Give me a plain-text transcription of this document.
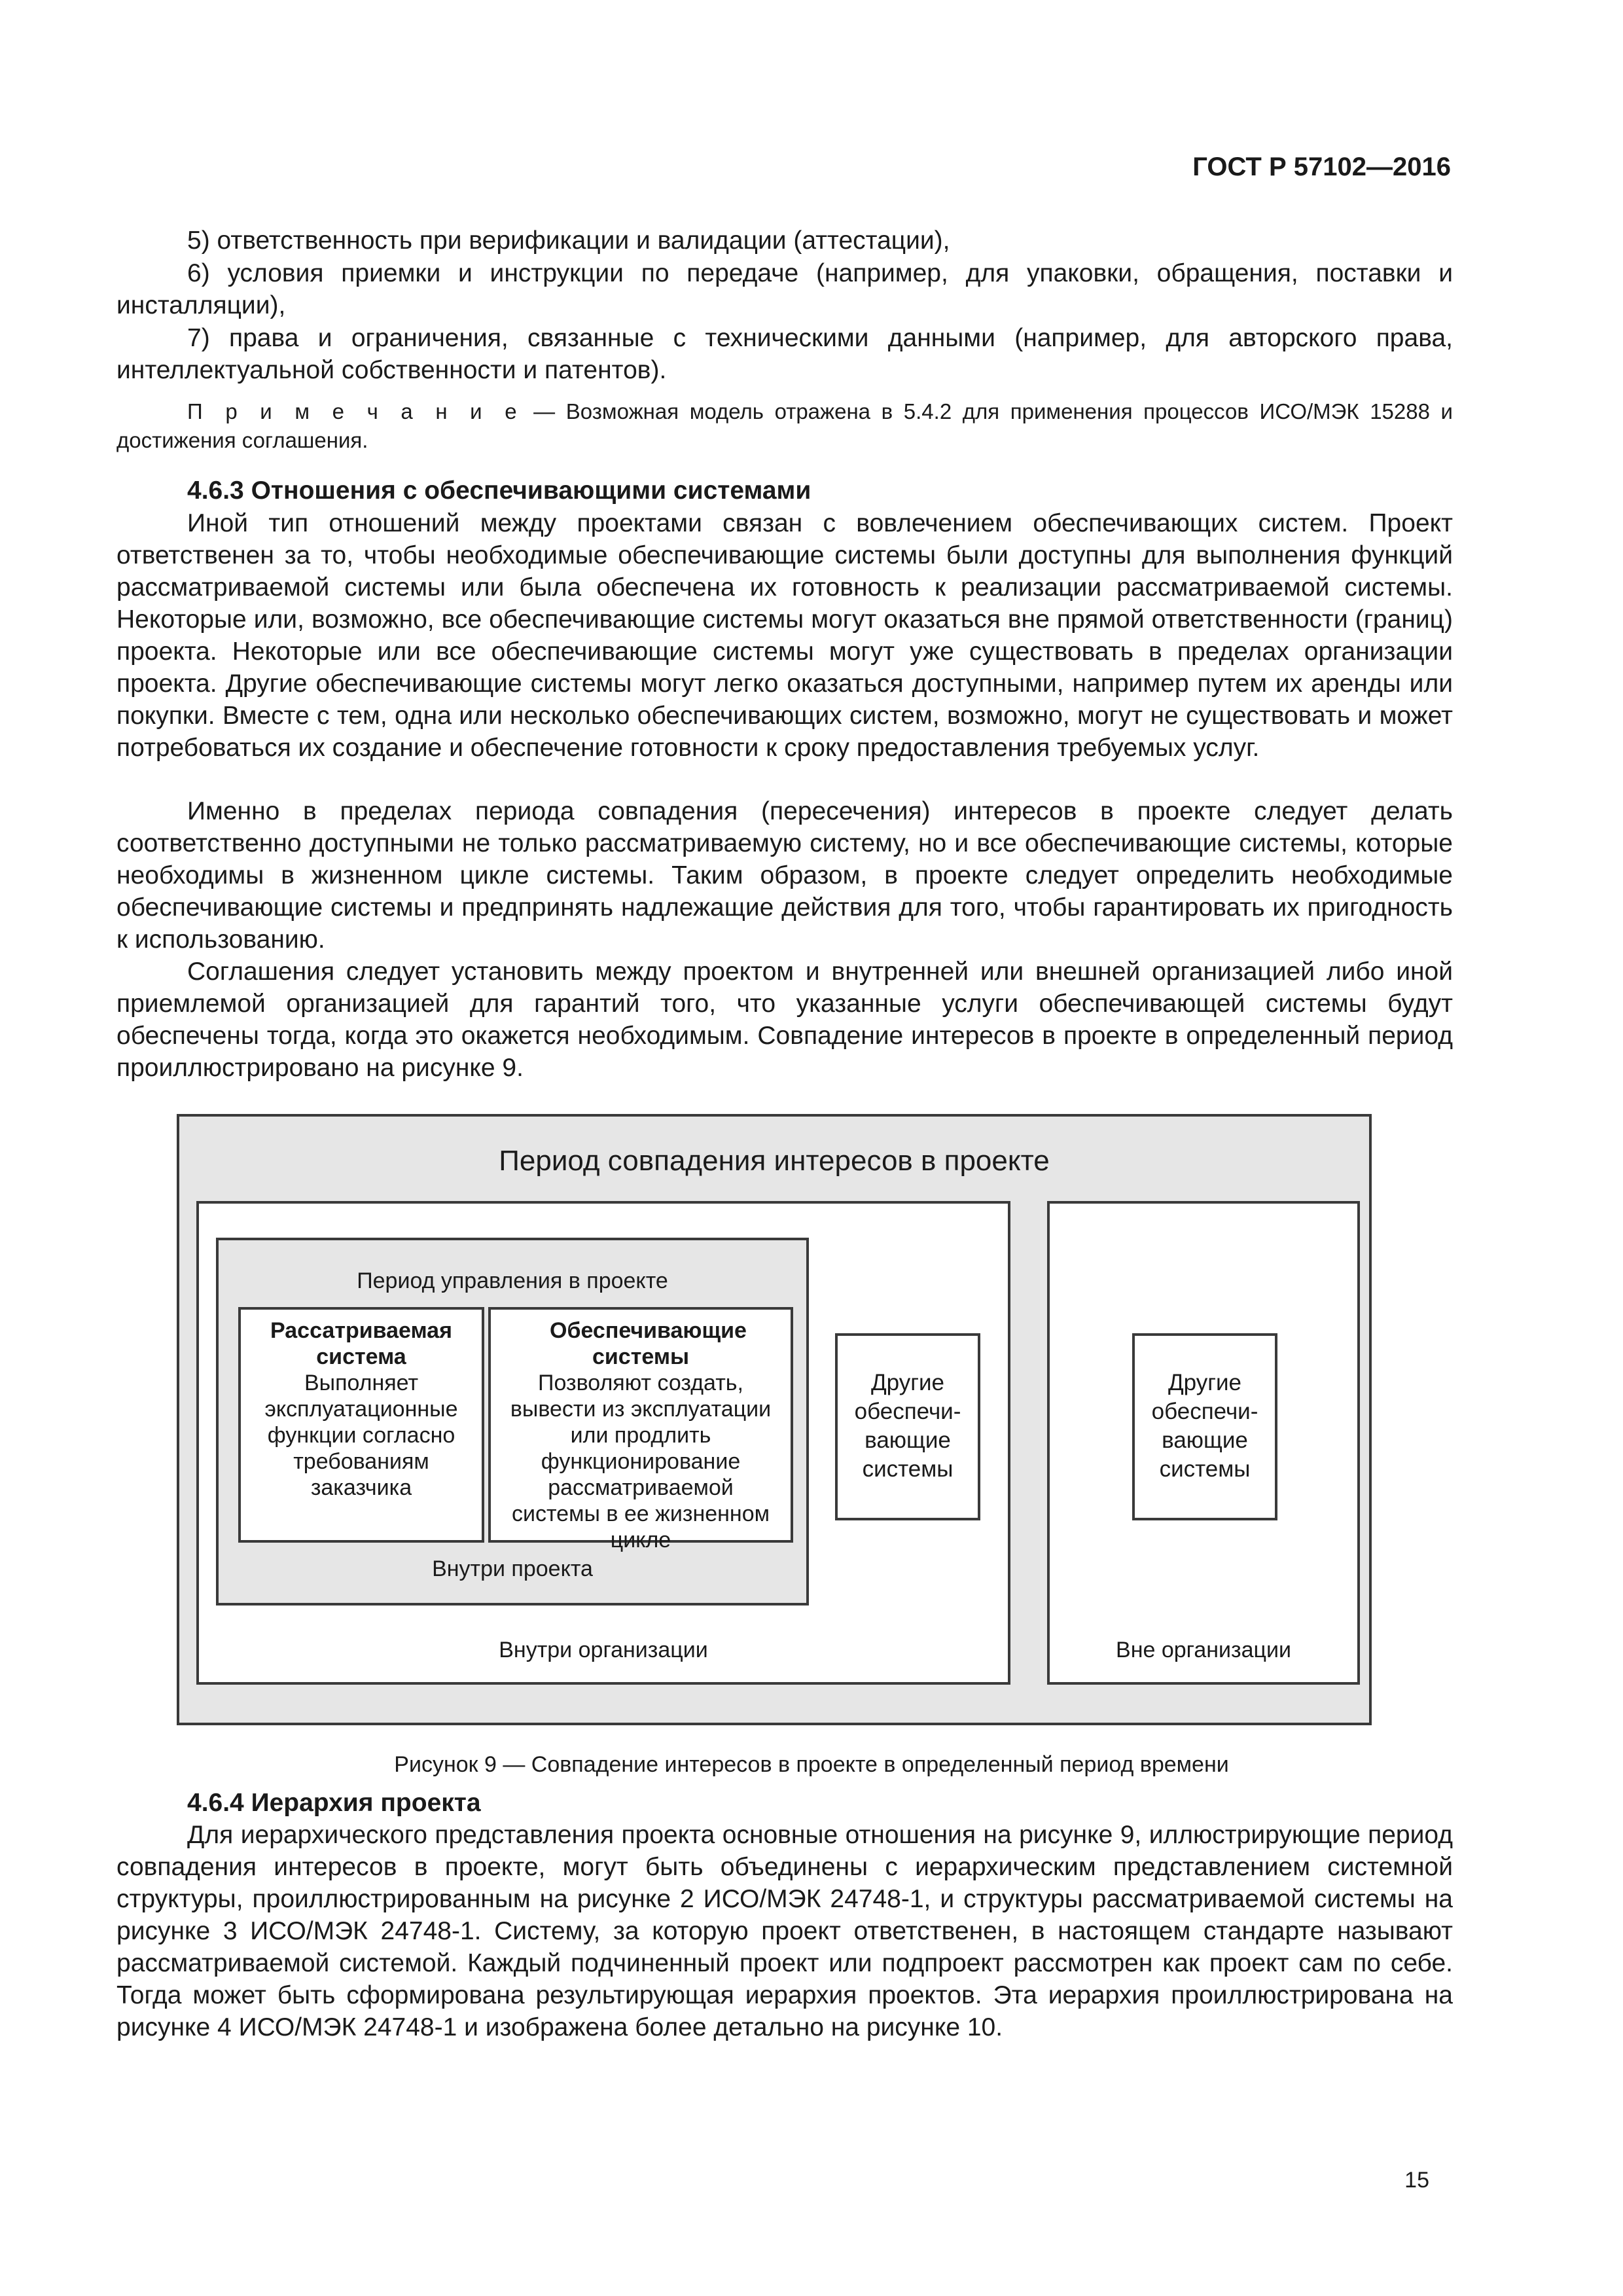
ГОСТ Р 57102—2016

5) ответственность при верификации и валидации (аттестации),

6) условия приемки и инструкции по передаче (например, для упаковки, обращения, поставки и инсталляции),

7) права и ограничения, связанные с техническими данными (например, для авторского права, интеллектуальной собственности и патентов).

П р и м е ч а н и е — Возможная модель отражена в 5.4.2 для применения процессов ИСО/МЭК 15288 и достижения соглашения.

4.6.3 Отношения с обеспечивающими системами

Иной тип отношений между проектами связан с вовлечением обеспечивающих систем. Проект ответственен за то, чтобы необходимые обеспечивающие системы были доступны для выполнения функций рассматриваемой системы или была обеспечена их готовность к реализации рассматриваемой системы. Некоторые или, возможно, все обеспечивающие системы могут оказаться вне прямой ответственности (границ) проекта. Некоторые или все обеспечивающие системы могут уже существовать в пределах организации проекта. Другие обеспечивающие системы могут легко оказаться доступными, например путем их аренды или покупки. Вместе с тем, одна или несколько обеспечивающих систем, возможно, могут не существовать и может потребоваться их создание и обеспечение готовности к сроку предоставления требуемых услуг.

Именно в пределах периода совпадения (пересечения) интересов в проекте следует делать соответственно доступными не только рассматриваемую систему, но и все обеспечивающие системы, которые необходимы в жизненном цикле системы. Таким образом, в проекте следует определить необходимые обеспечивающие системы и предпринять надлежащие действия для того, чтобы гарантировать их пригодность к использованию.

Соглашения следует установить между проектом и внутренней или внешней организацией либо иной приемлемой организацией для гарантий того, что указанные услуги обеспечивающей системы будут обеспечены тогда, когда это окажется необходимым. Совпадение интересов в проекте в определенный период проиллюстрировано на рисунке 9.

Период совпадения интересов в проекте
Период управления в проекте
Рассатриваемая система
Выполняет эксплуатационные функции согласно требованиям заказчика
Обеспечивающие системы
Позволяют создать, вывести из эксплуатации или продлить функционирование рассматриваемой системы в ее жизненном цикле
Внутри проекта
Другие обеспечи-вающие системы
Внутри организации
Другие обеспечи-вающие системы
Вне организации
Рисунок 9 — Совпадение интересов в проекте в определенный период времени

4.6.4 Иерархия проекта

Для иерархического представления проекта основные отношения на рисунке 9, иллюстрирующие период совпадения интересов в проекте, могут быть объединены с иерархическим представлением системной структуры, проиллюстрированным на рисунке 2 ИСО/МЭК 24748-1, и структуры рассматриваемой системы на рисунке 3 ИСО/МЭК 24748-1. Систему, за которую проект ответственен, в настоящем стандарте называют рассматриваемой системой. Каждый подчиненный проект или подпроект рассмотрен как проект сам по себе. Тогда может быть сформирована результирующая иерархия проектов. Эта иерархия проиллюстрирована на рисунке 4 ИСО/МЭК 24748-1 и изображена более детально на рисунке 10.

15
